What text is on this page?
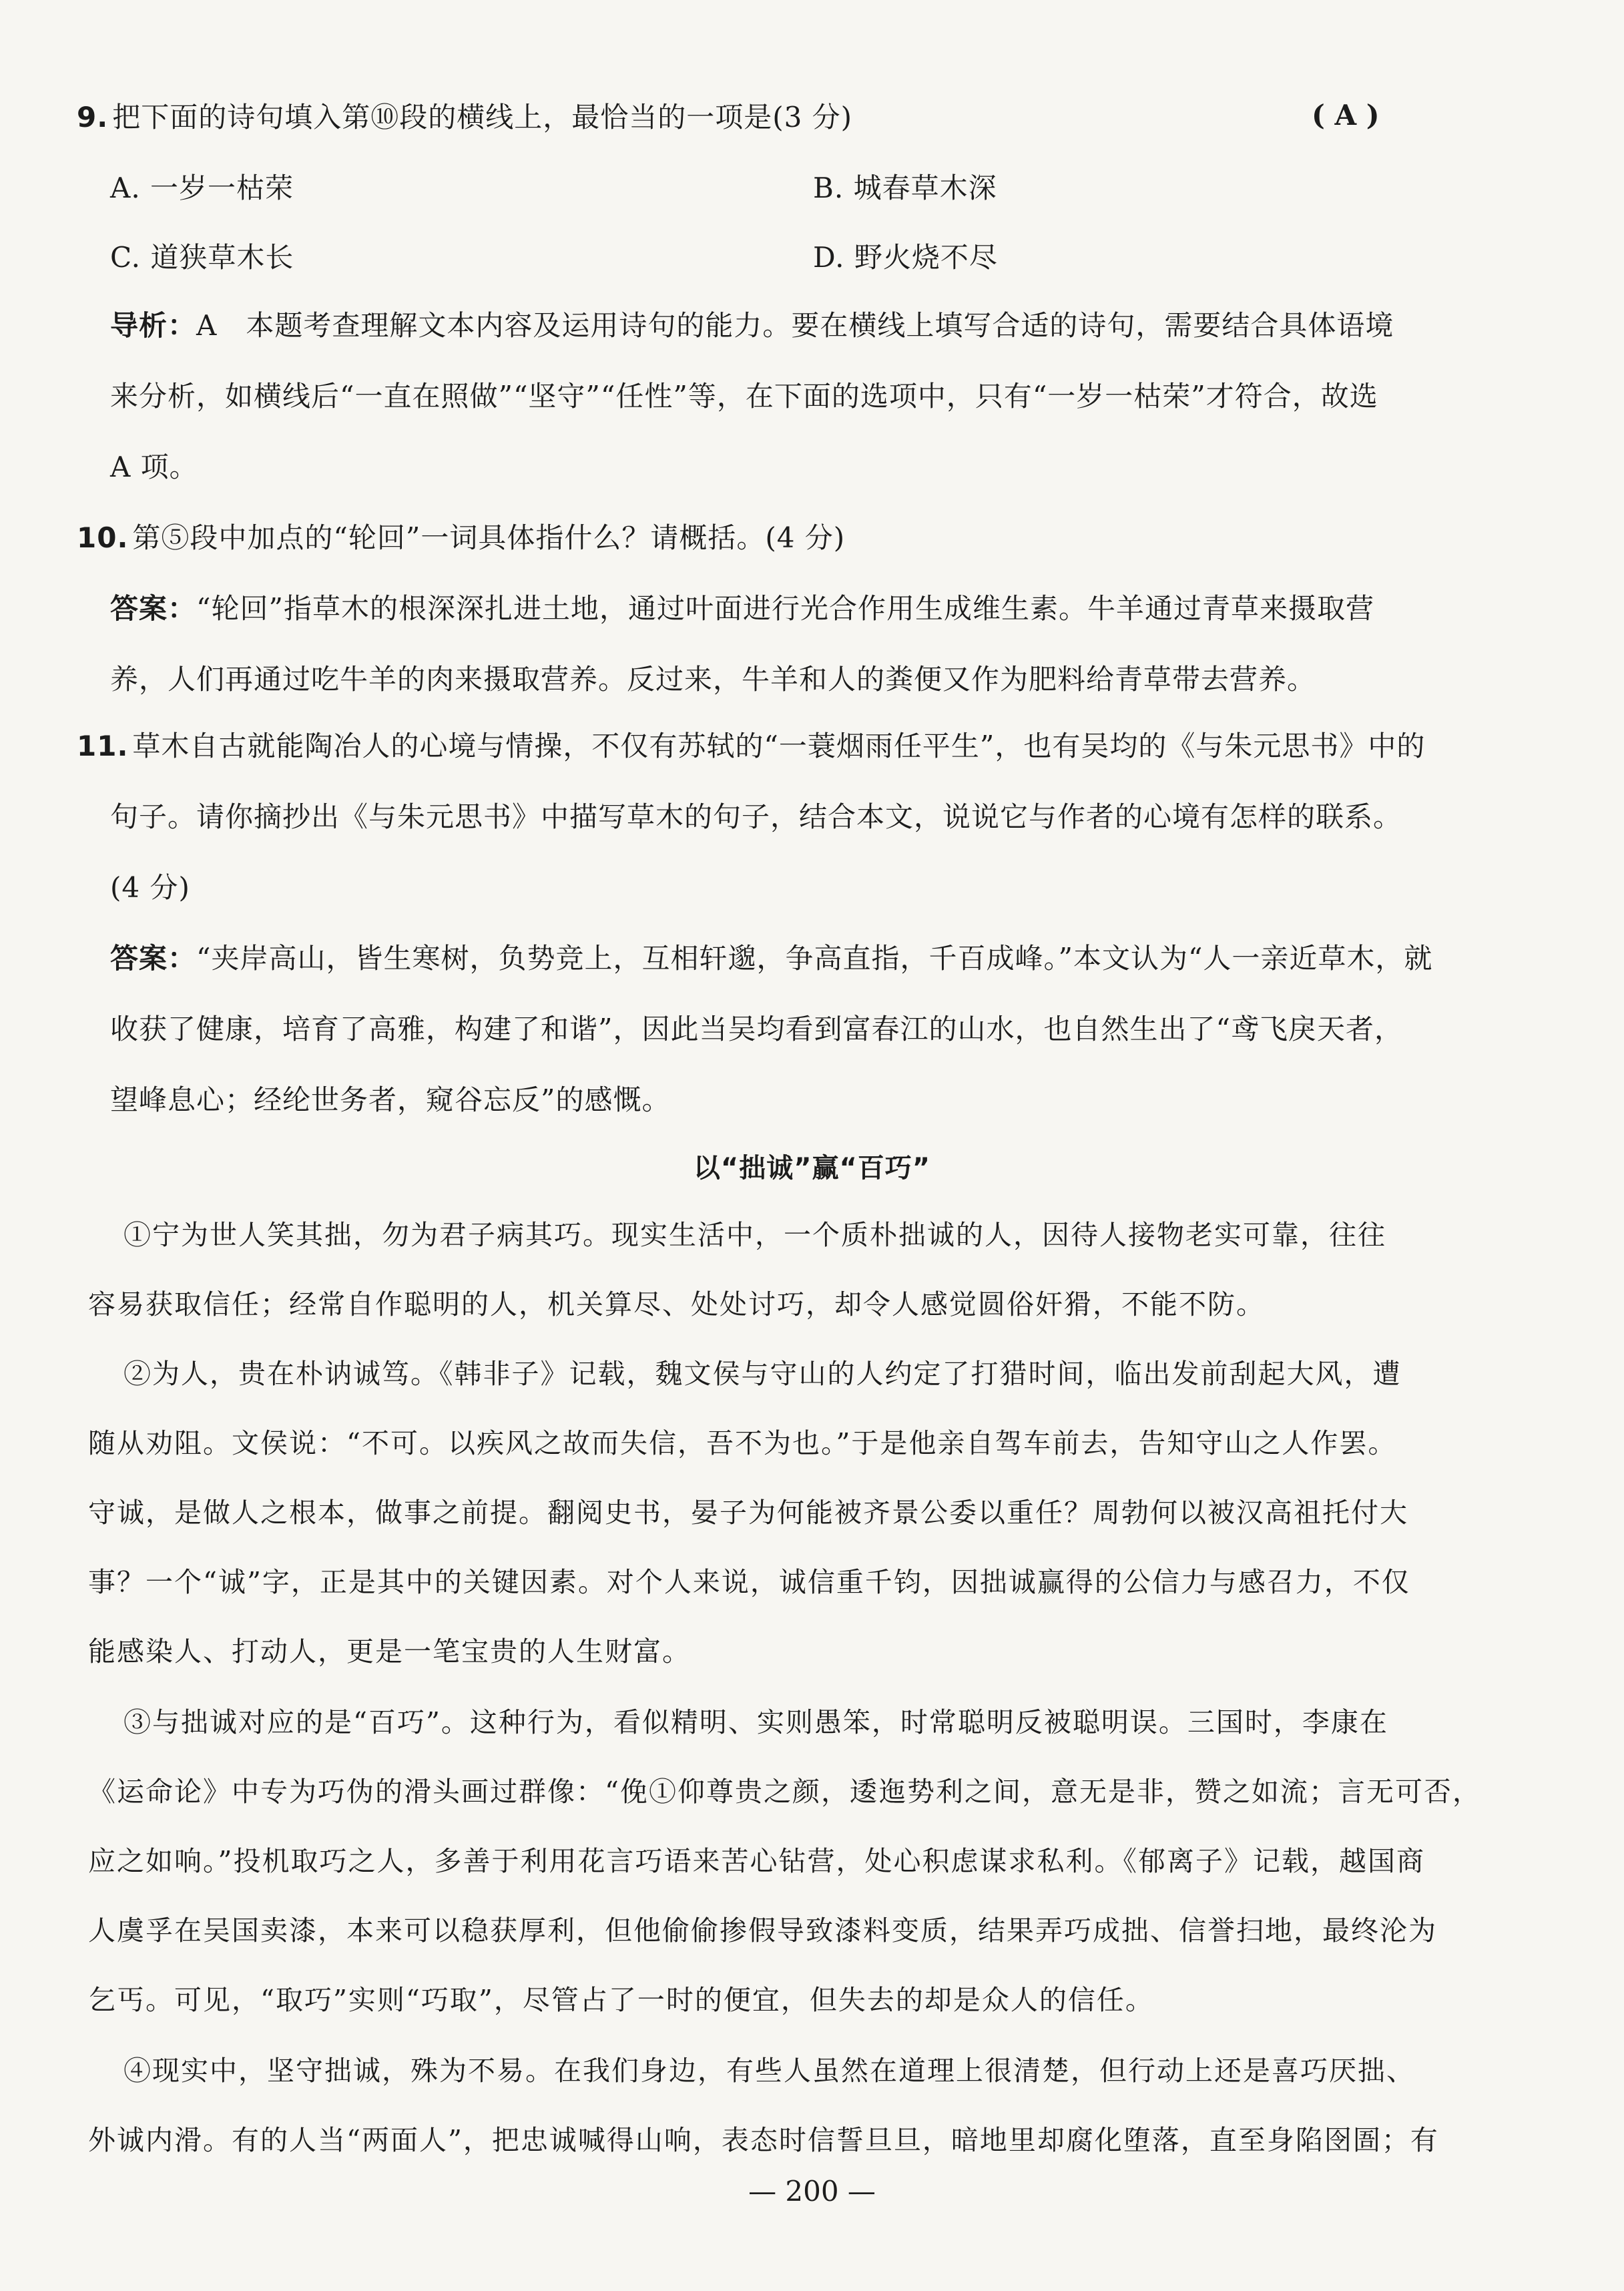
9. 把下面的诗句填入第⑩段的横线上，最恰当的一项是(3 分)	( A )
A. 一岁一枯荣	B. 城春草木深
C. 道狭草木长	D. 野火烧不尽
导析：A　本题考查理解文本内容及运用诗句的能力。要在横线上填写合适的诗句，需要结合具体语境
来分析，如横线后“一直在照做”“坚守”“任性”等，在下面的选项中，只有“一岁一枯荣”才符合，故选
A 项。
10. 第⑤段中加点的“轮回”一词具体指什么？请概括。(4 分)
答案：“轮回”指草木的根深深扎进土地，通过叶面进行光合作用生成维生素。牛羊通过青草来摄取营
养，人们再通过吃牛羊的肉来摄取营养。反过来，牛羊和人的粪便又作为肥料给青草带去营养。
11. 草木自古就能陶冶人的心境与情操，不仅有苏轼的“一蓑烟雨任平生”，也有吴均的《与朱元思书》中的
句子。请你摘抄出《与朱元思书》中描写草木的句子，结合本文，说说它与作者的心境有怎样的联系。
(4 分)
答案：“夹岸高山，皆生寒树，负势竞上，互相轩邈，争高直指，千百成峰。”本文认为“人一亲近草木，就
收获了健康，培育了高雅，构建了和谐”，因此当吴均看到富春江的山水，也自然生出了“鸢飞戾天者，
望峰息心；经纶世务者，窥谷忘反”的感慨。
以“拙诚”赢“百巧”
①宁为世人笑其拙，勿为君子病其巧。现实生活中，一个质朴拙诚的人，因待人接物老实可靠，往往
容易获取信任；经常自作聪明的人，机关算尽、处处讨巧，却令人感觉圆俗奸猾，不能不防。
②为人，贵在朴讷诚笃。《韩非子》记载，魏文侯与守山的人约定了打猎时间，临出发前刮起大风，遭
随从劝阻。文侯说：“不可。以疾风之故而失信，吾不为也。”于是他亲自驾车前去，告知守山之人作罢。
守诚，是做人之根本，做事之前提。翻阅史书，晏子为何能被齐景公委以重任？周勃何以被汉高祖托付大
事？一个“诚”字，正是其中的关键因素。对个人来说，诚信重千钧，因拙诚赢得的公信力与感召力，不仅
能感染人、打动人，更是一笔宝贵的人生财富。
③与拙诚对应的是“百巧”。这种行为，看似精明、实则愚笨，时常聪明反被聪明误。三国时，李康在
《运命论》中专为巧伪的滑头画过群像：“俛①仰尊贵之颜，逶迤势利之间，意无是非，赞之如流；言无可否，
应之如响。”投机取巧之人，多善于利用花言巧语来苦心钻营，处心积虑谋求私利。《郁离子》记载，越国商
人虞孚在吴国卖漆，本来可以稳获厚利，但他偷偷掺假导致漆料变质，结果弄巧成拙、信誉扫地，最终沦为
乞丐。可见，“取巧”实则“巧取”，尽管占了一时的便宜，但失去的却是众人的信任。
④现实中，坚守拙诚，殊为不易。在我们身边，有些人虽然在道理上很清楚，但行动上还是喜巧厌拙、
外诚内滑。有的人当“两面人”，把忠诚喊得山响，表态时信誓旦旦，暗地里却腐化堕落，直至身陷囹圄；有
— 200 —
